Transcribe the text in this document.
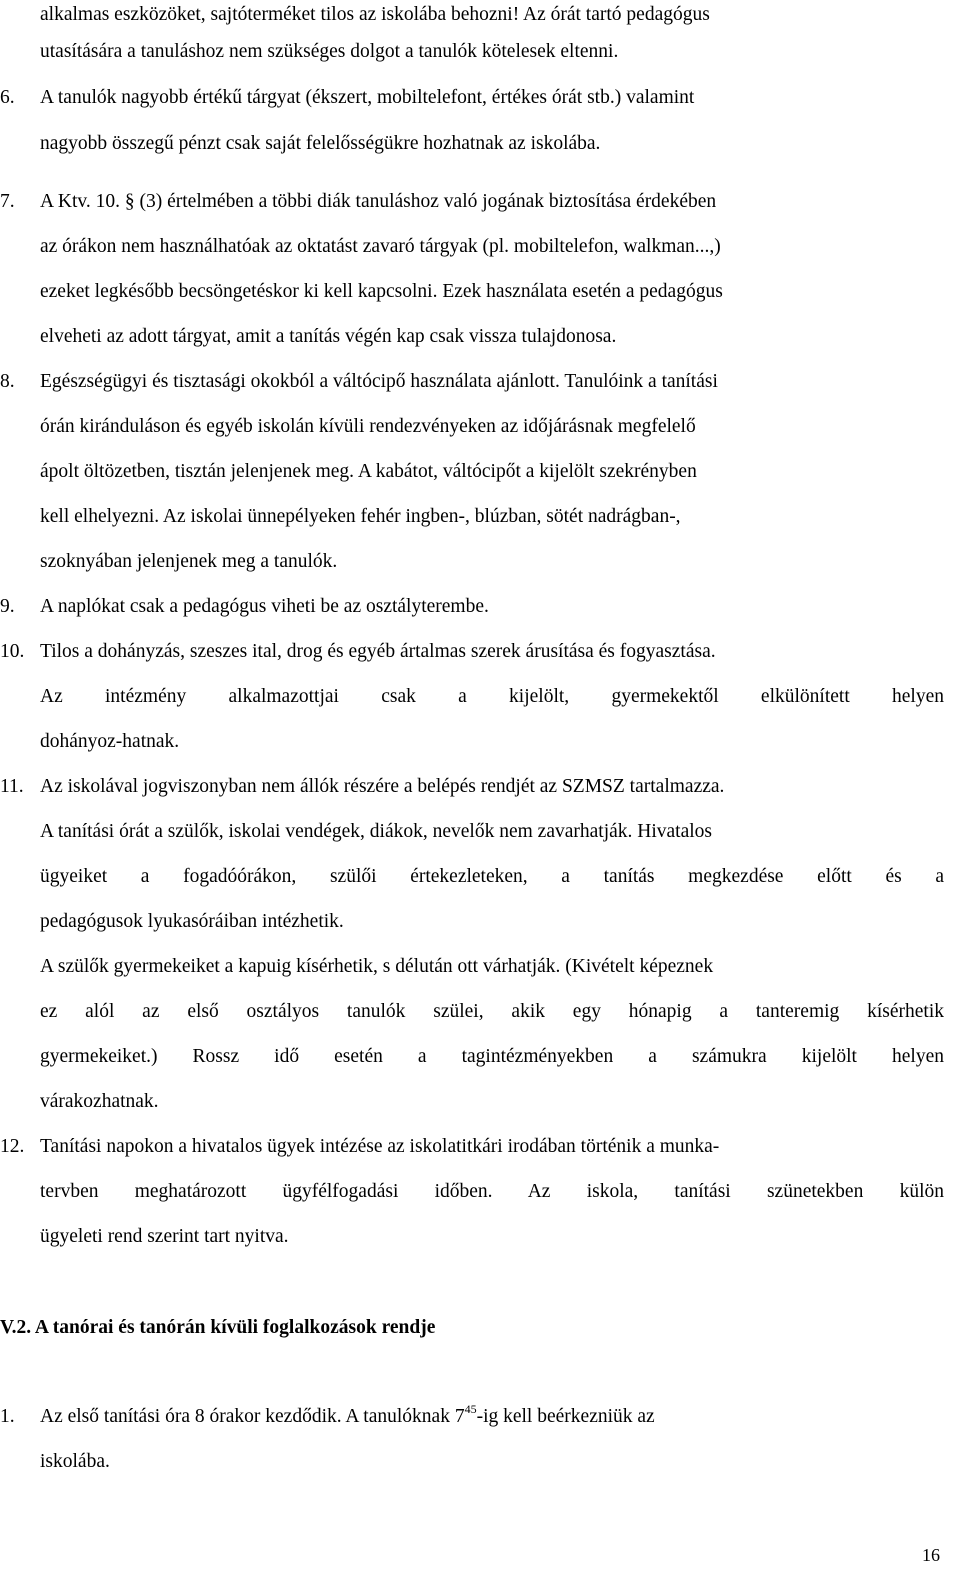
alkalmas eszközöket, sajtóterméket tilos az iskolába behozni! Az órát tartó pedagógus
utasítására a tanuláshoz nem szükséges dolgot a tanulók kötelesek eltenni.
6. A tanulók nagyobb értékű tárgyat (ékszert, mobiltelefont, értékes órát stb.) valamint
nagyobb összegű pénzt csak saját felelősségükre hozhatnak az iskolába.
7. A Ktv. 10. § (3) értelmében a többi diák tanuláshoz való jogának biztosítása érdekében
az órákon nem használhatóak az oktatást zavaró tárgyak (pl. mobiltelefon, walkman...,)
ezeket legkésőbb becsöngetéskor ki kell kapcsolni. Ezek használata esetén a pedagógus
elveheti az adott tárgyat, amit a tanítás végén kap csak vissza tulajdonosa.
8. Egészségügyi és tisztasági okokból a váltócipő használata ajánlott. Tanulóink a tanítási
órán kiránduláson és egyéb iskolán kívüli rendezvényeken az időjárásnak megfelelő
ápolt öltözetben, tisztán jelenjenek meg. A kabátot, váltócipőt a kijelölt szekrényben
kell elhelyezni. Az iskolai ünnepélyeken fehér ingben-, blúzban, sötét nadrágban-,
szoknyában jelenjenek meg a tanulók.
9. A naplókat csak a pedagógus viheti be az osztályterembe.
10. Tilos a dohányzás, szeszes ital, drog és egyéb ártalmas szerek árusítása és fogyasztása.
Az intézmény alkalmazottjai csak a kijelölt, gyermekektől elkülönített helyen
dohányoz-hatnak.
11. Az iskolával jogviszonyban nem állók részére a belépés rendjét az SZMSZ tartalmazza.
A tanítási órát a szülők, iskolai vendégek, diákok, nevelők nem zavarhatják. Hivatalos
ügyeiket a fogadóórákon, szülői értekezleteken, a tanítás megkezdése előtt és a
pedagógusok lyukasóráiban intézhetik.
A szülők gyermekeiket a kapuig kísérhetik, s délután ott várhatják. (Kivételt képeznek
ez alól az első osztályos tanulók szülei, akik egy hónapig a tanteremig kísérhetik
gyermekeiket.) Rossz idő esetén a tagintézményekben a számukra kijelölt helyen
várakozhatnak.
12. Tanítási napokon a hivatalos ügyek intézése az iskolatitkári irodában történik a munka-
tervben meghatározott ügyfélfogadási időben. Az iskola, tanítási szünetekben külön
ügyeleti rend szerint tart nyitva.
V.2. A tanórai és tanórán kívüli foglalkozások rendje
1. Az első tanítási óra 8 órakor kezdődik. A tanulóknak $7^{45}-ig$ kell beérkezniük az
iskolába.
16
